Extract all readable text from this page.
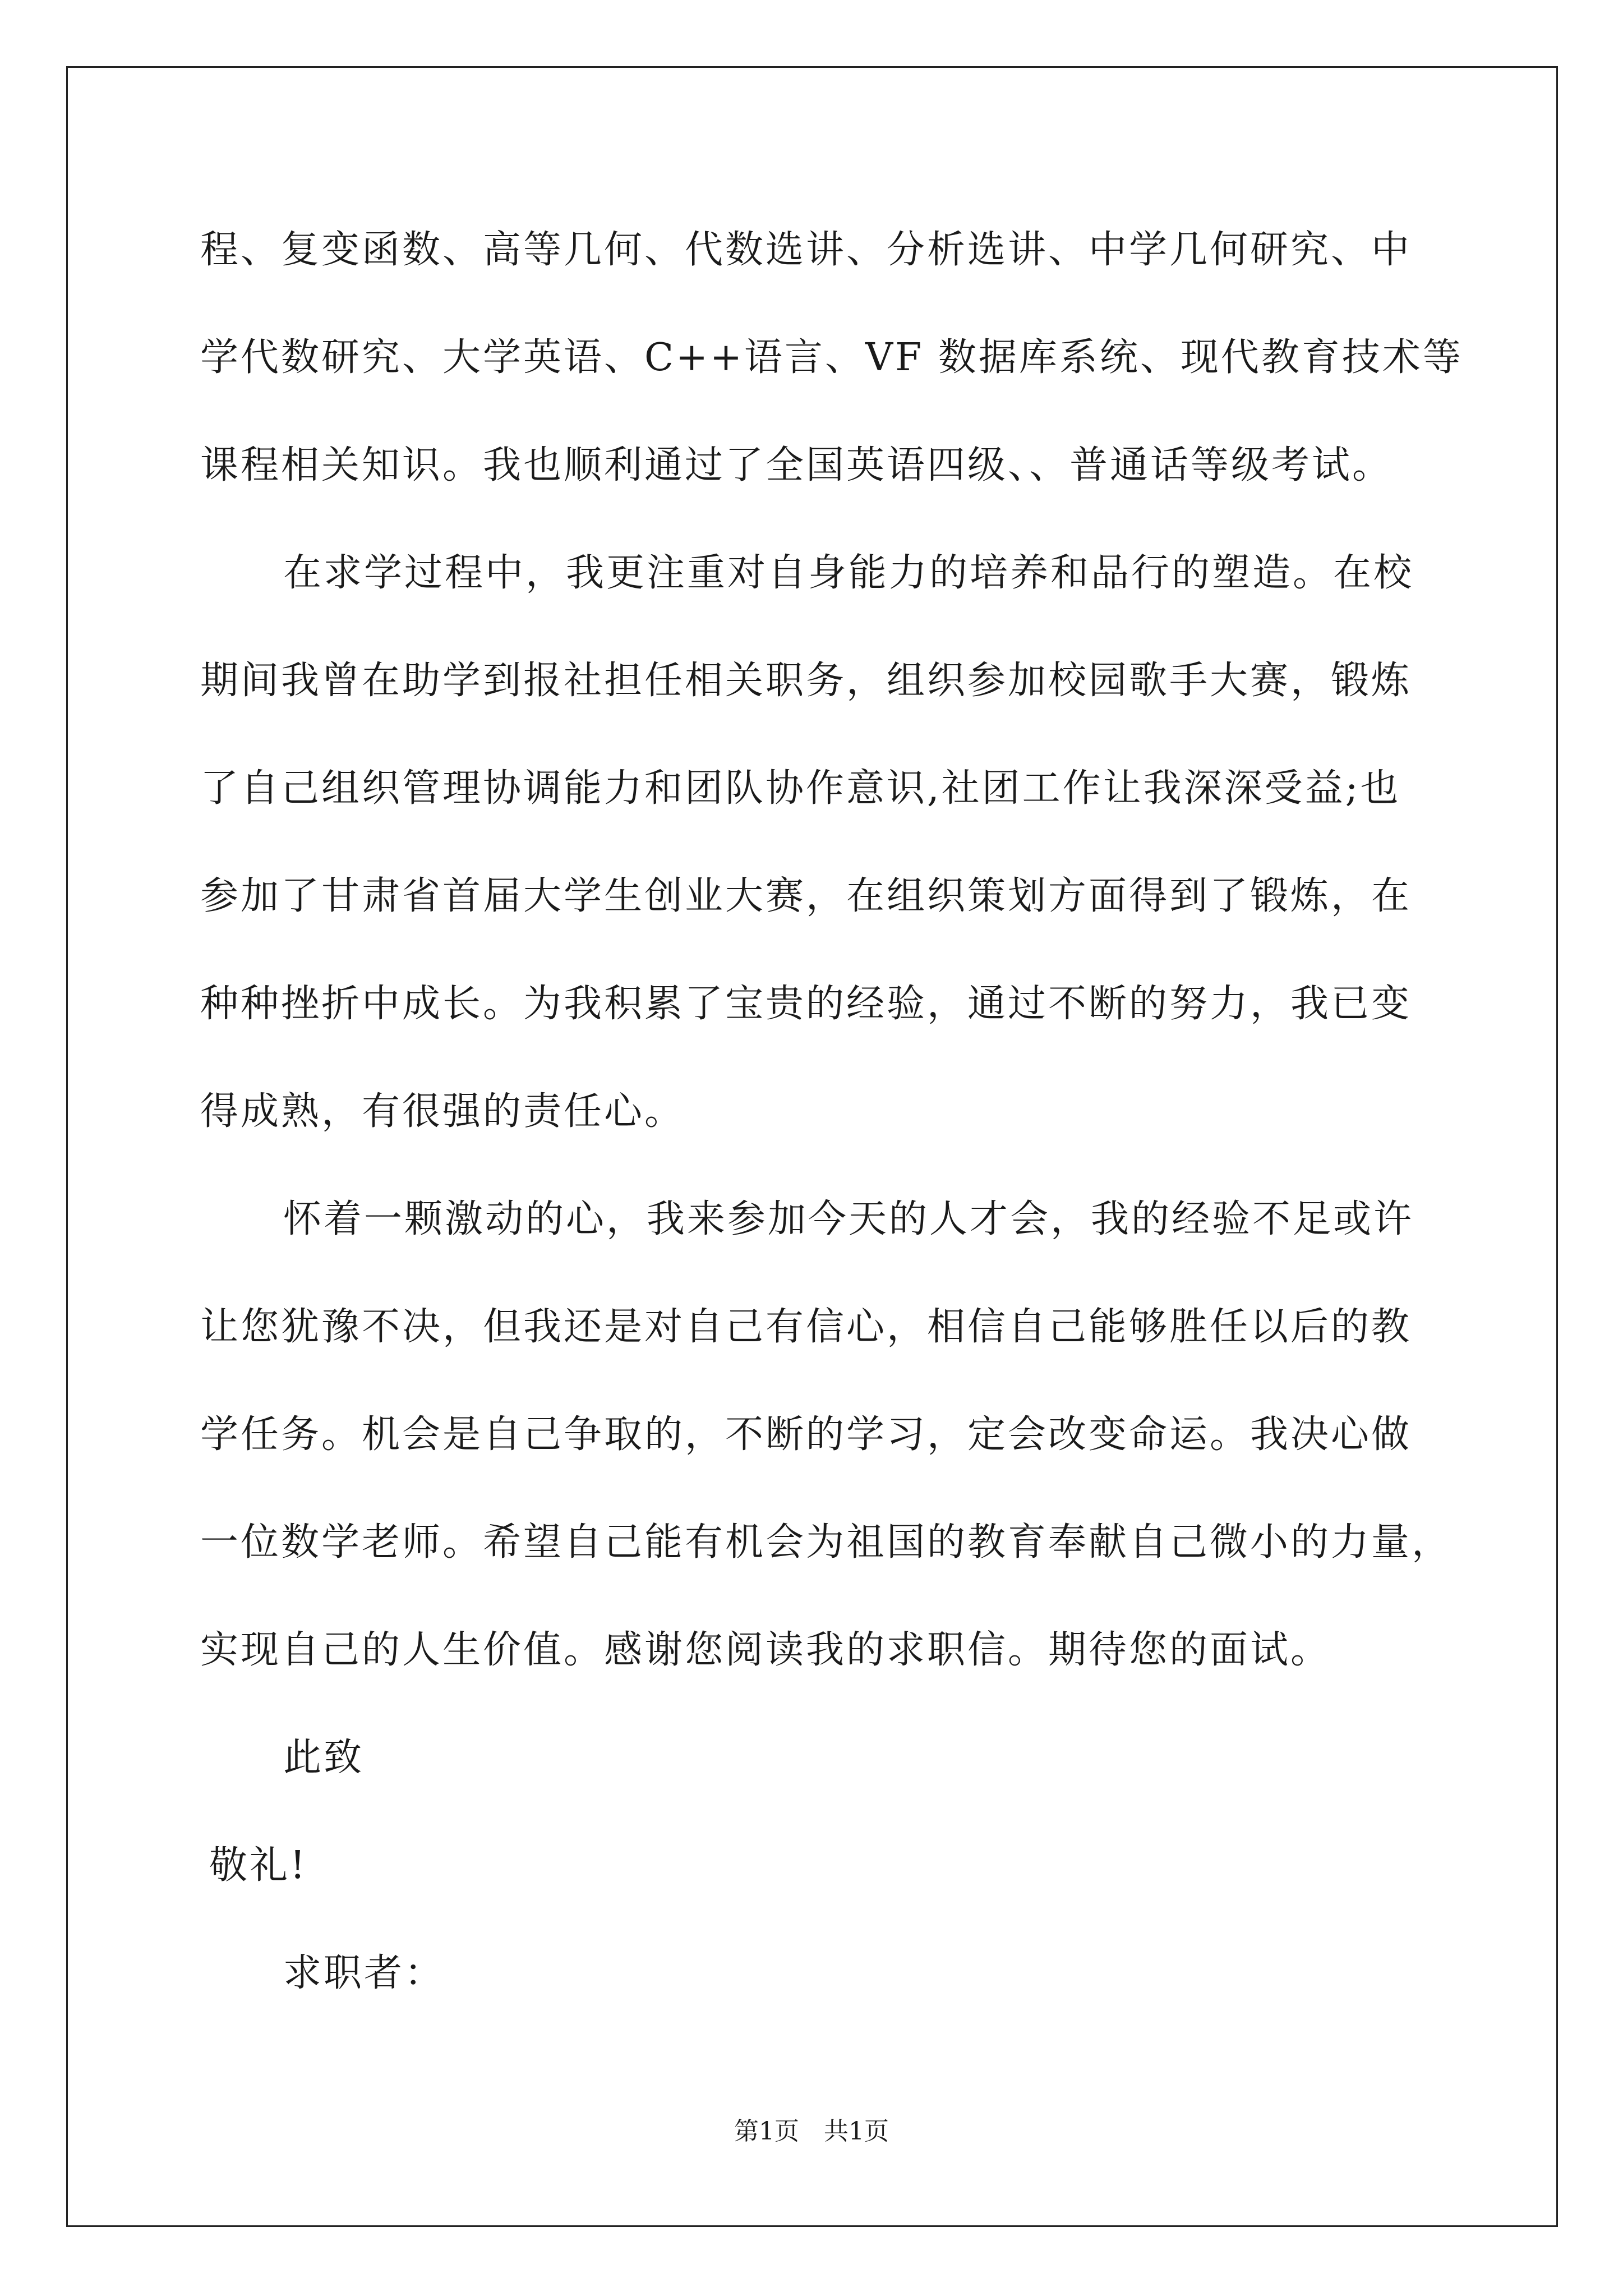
程、复变函数、高等几何、代数选讲、分析选讲、中学几何研究、中
学代数研究、大学英语、C++语言、VF 数据库系统、现代教育技术等
课程相关知识。我也顺利通过了全国英语四级、、普通话等级考试。
在求学过程中，我更注重对自身能力的培养和品行的塑造。在校
期间我曾在助学到报社担任相关职务，组织参加校园歌手大赛，锻炼
了自己组织管理协调能力和团队协作意识,社团工作让我深深受益;也
参加了甘肃省首届大学生创业大赛，在组织策划方面得到了锻炼，在
种种挫折中成长。为我积累了宝贵的经验，通过不断的努力，我已变
得成熟，有很强的责任心。
怀着一颗激动的心，我来参加今天的人才会，我的经验不足或许
让您犹豫不决，但我还是对自己有信心，相信自己能够胜任以后的教
学任务。机会是自己争取的，不断的学习，定会改变命运。我决心做
一位数学老师。希望自己能有机会为祖国的教育奉献自己微小的力量，
实现自己的人生价值。感谢您阅读我的求职信。期待您的面试。
此致
敬礼!
求职者：
第1页 共1页
